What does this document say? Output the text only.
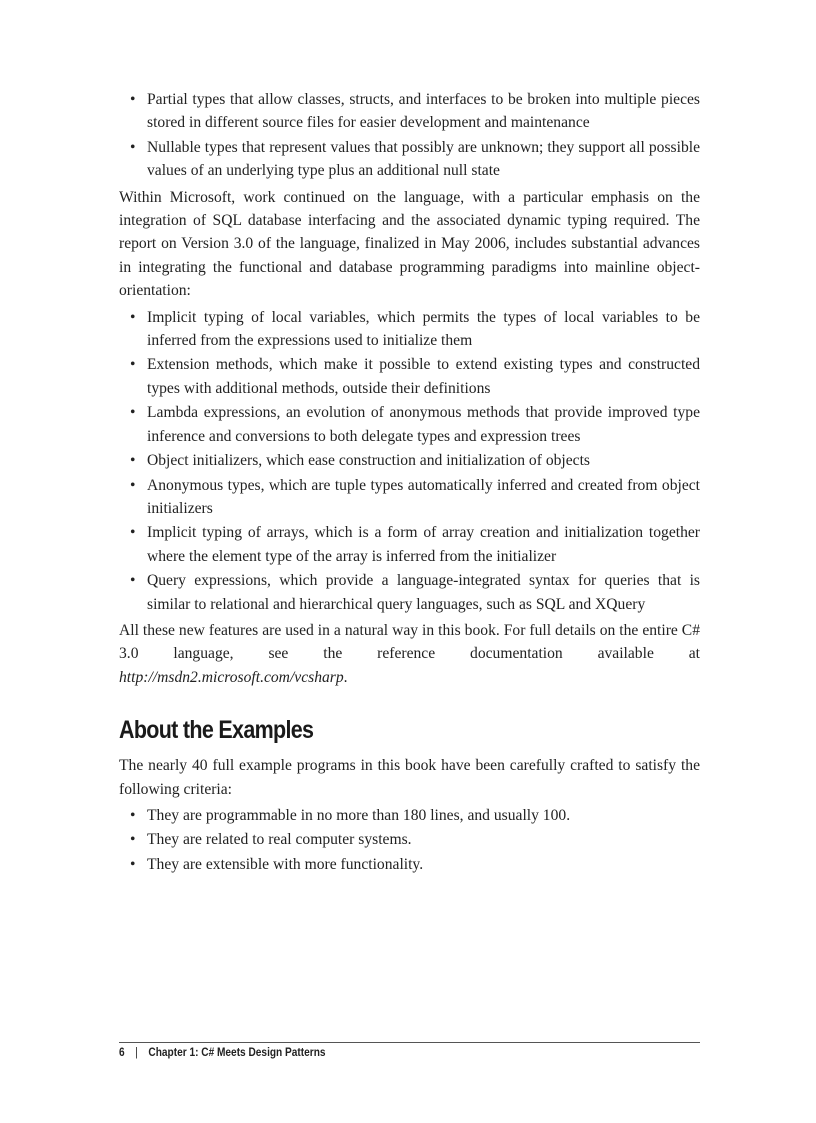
• Partial types that allow classes, structs, and interfaces to be broken into multiple pieces stored in different source files for easier development and maintenance
• Nullable types that represent values that possibly are unknown; they support all possible values of an underlying type plus an additional null state

Within Microsoft, work continued on the language, with a particular emphasis on the integration of SQL database interfacing and the associated dynamic typing required. The report on Version 3.0 of the language, finalized in May 2006, includes substantial advances in integrating the functional and database programming paradigms into mainline object-orientation:

• Implicit typing of local variables, which permits the types of local variables to be inferred from the expressions used to initialize them
• Extension methods, which make it possible to extend existing types and constructed types with additional methods, outside their definitions
• Lambda expressions, an evolution of anonymous methods that provide improved type inference and conversions to both delegate types and expression trees
• Object initializers, which ease construction and initialization of objects
• Anonymous types, which are tuple types automatically inferred and created from object initializers
• Implicit typing of arrays, which is a form of array creation and initialization together where the element type of the array is inferred from the initializer
• Query expressions, which provide a language-integrated syntax for queries that is similar to relational and hierarchical query languages, such as SQL and XQuery

All these new features are used in a natural way in this book. For full details on the entire C# 3.0 language, see the reference documentation available at http://msdn2.microsoft.com/vcsharp.

About the Examples

The nearly 40 full example programs in this book have been carefully crafted to satisfy the following criteria:

• They are programmable in no more than 180 lines, and usually 100.
• They are related to real computer systems.
• They are extensible with more functionality.
6 | Chapter 1: C# Meets Design Patterns
